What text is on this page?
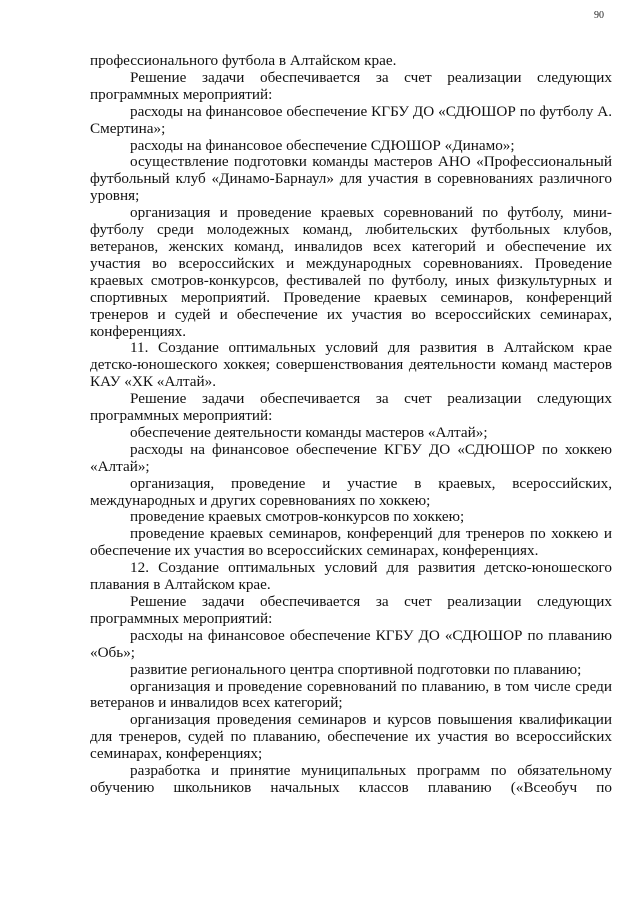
90

профессионального футбола в Алтайском крае.

Решение задачи обеспечивается за счет реализации следующих программных мероприятий:

расходы на финансовое обеспечение КГБУ ДО «СДЮШОР по футболу А. Смертина»;

расходы на финансовое обеспечение СДЮШОР «Динамо»;

осуществление подготовки команды мастеров АНО «Профессиональный футбольный клуб «Динамо-Барнаул» для участия в соревнованиях различного уровня;

организация и проведение краевых соревнований по футболу, мини-футболу среди молодежных команд, любительских футбольных клубов, ветеранов, женских команд, инвалидов всех категорий и обеспечение их участия во всероссийских и международных соревнованиях. Проведение краевых смотров-конкурсов, фестивалей по футболу, иных физкультурных и спортивных мероприятий. Проведение краевых семинаров, конференций тренеров и судей и обеспечение их участия во всероссийских семинарах, конференциях.

11. Создание оптимальных условий для развития в Алтайском крае детско-юношеского хоккея; совершенствования деятельности команд мастеров КАУ «ХК «Алтай».

Решение задачи обеспечивается за счет реализации следующих программных мероприятий:

обеспечение деятельности команды мастеров «Алтай»;

расходы на финансовое обеспечение КГБУ ДО «СДЮШОР по хоккею «Алтай»;

организация, проведение и участие в краевых, всероссийских, международных и других соревнованиях по хоккею;

проведение краевых смотров-конкурсов по хоккею;

проведение краевых семинаров, конференций для тренеров по хоккею и обеспечение их участия во всероссийских семинарах, конференциях.

12. Создание оптимальных условий для развития детско-юношеского плавания в Алтайском крае.

Решение задачи обеспечивается за счет реализации следующих программных мероприятий:

расходы на финансовое обеспечение КГБУ ДО «СДЮШОР по плаванию «Обь»;

развитие регионального центра спортивной подготовки по плаванию;

организация и проведение соревнований по плаванию, в том числе среди ветеранов и инвалидов всех категорий;

организация проведения семинаров и курсов повышения квалификации для тренеров, судей по плаванию, обеспечение их участия во всероссийских семинарах, конференциях;

разработка и принятие муниципальных программ по обязательному обучению школьников начальных классов плаванию («Всеобуч по
